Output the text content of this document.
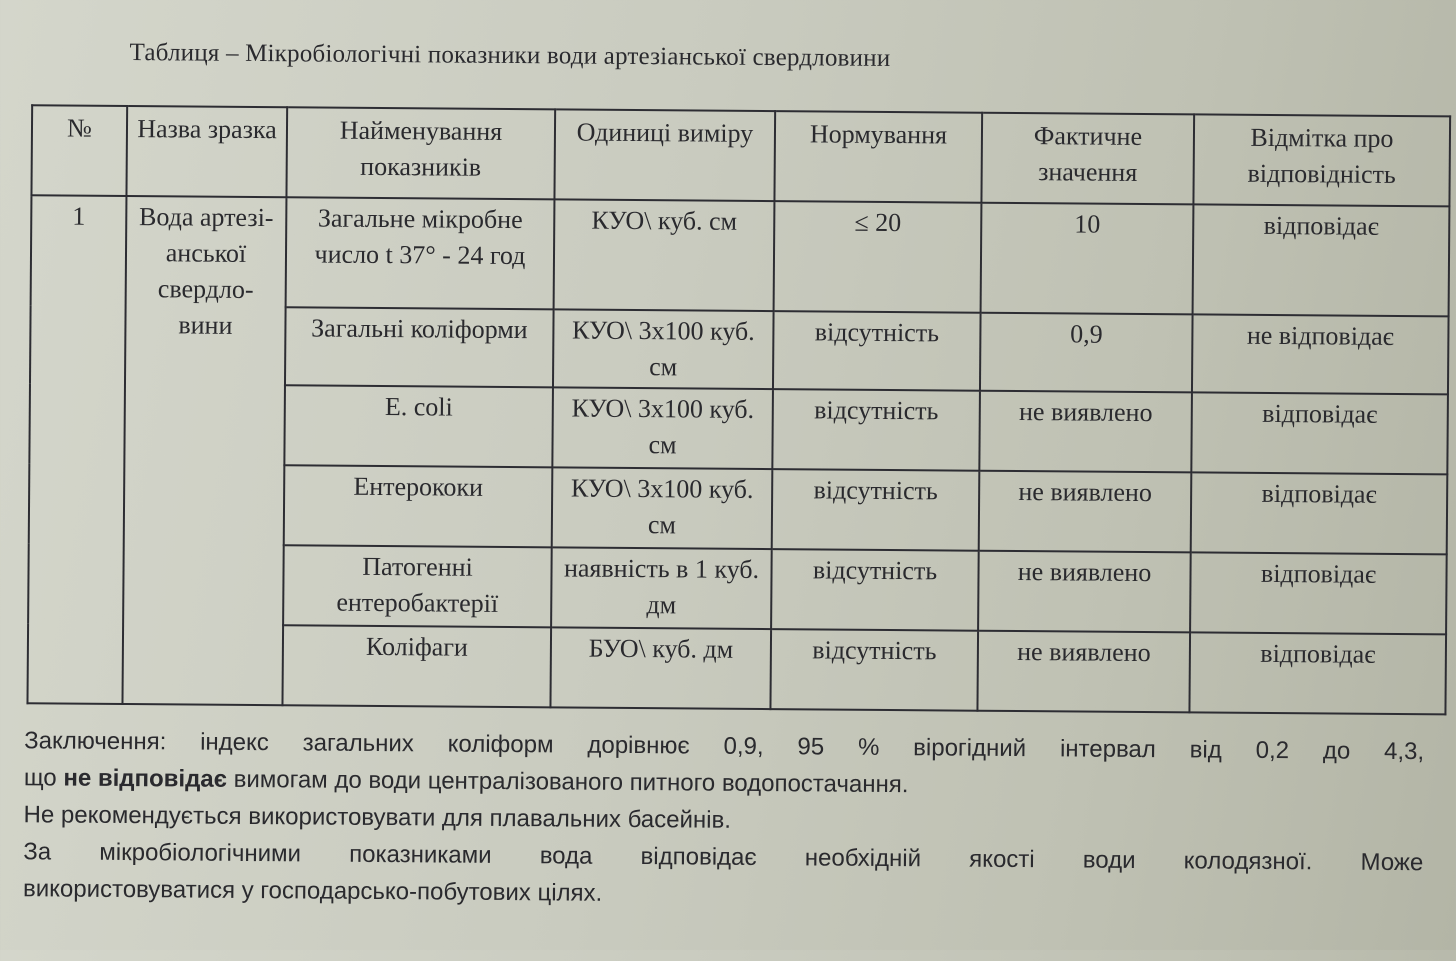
Таблиця – Мікробіологічні показники води артезіанської свердловини
№	Назва зразка	Найменування показників	Одиниці виміру	Нормування	Фактичне значення	Відмітка про відповідність
1	Вода артезі-анської свердло-вини	Загальне мікробне число t 37° - 24 год	КУО\ куб. см	≤ 20	10	відповідає
		Загальні коліформи	КУО\ 3x100 куб. см	відсутність	0,9	не відповідає
		E. coli	КУО\ 3x100 куб. см	відсутність	не виявлено	відповідає
		Ентерококи	КУО\ 3x100 куб. см	відсутність	не виявлено	відповідає
		Патогенні ентеробактерії	наявність в 1 куб. дм	відсутність	не виявлено	відповідає
		Коліфаги	БУО\ куб. дм	відсутність	не виявлено	відповідає

Заключення: індекс загальних коліформ дорівнює 0,9, 95 % вірогідний інтервал від 0,2 до 4,3,

що не відповідає вимогам до води централізованого питного водопостачання.

Не рекомендується використовувати для плавальних басейнів.

За мікробіологічними показниками вода відповідає необхідній якості води колодязної. Може

використовуватися у господарсько-побутових цілях.
